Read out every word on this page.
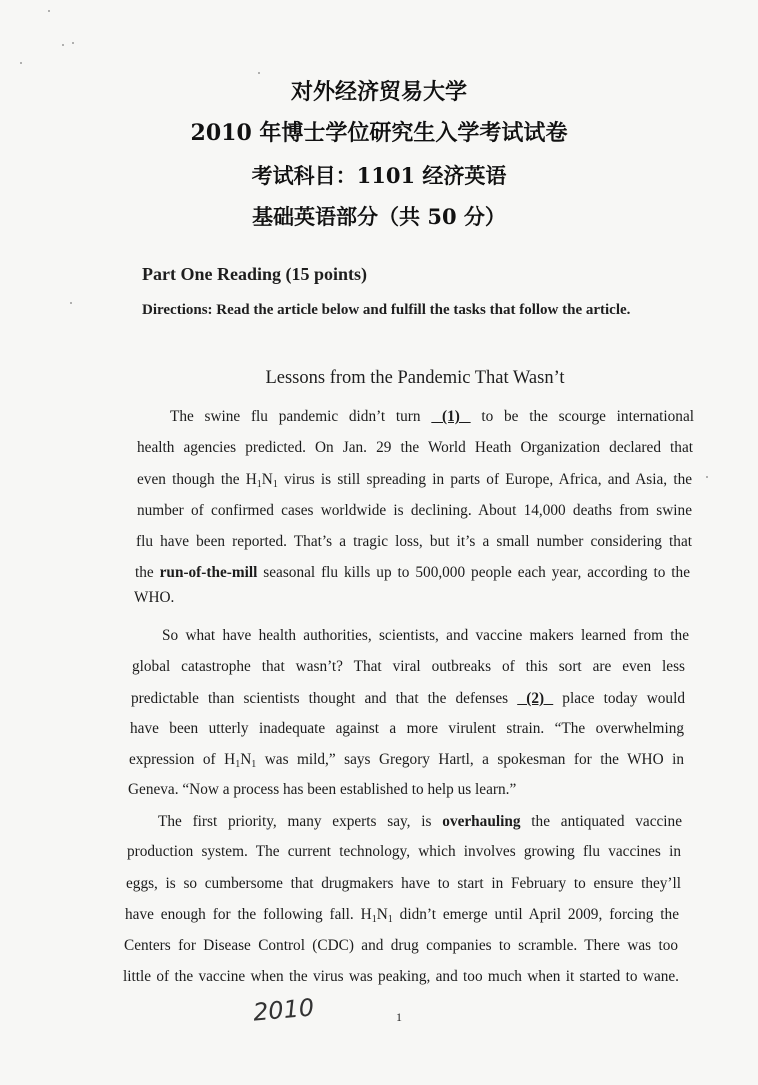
对外经济贸易大学
2010 年博士学位研究生入学考试试卷
考试科目：1101 经济英语
基础英语部分（共 50 分）
Part One Reading (15 points)
Directions: Read the article below and fulfill the tasks that follow the article.
Lessons from the Pandemic That Wasn’t
The swine flu pandemic didn’t turn  (1)  to be the scourge international
health agencies predicted. On Jan. 29 the World Heath Organization declared that
even though the $H_1N_1$ virus is still spreading in parts of Europe, Africa, and Asia, the
number of confirmed cases worldwide is declining. About 14,000 deaths from swine
flu have been reported. That’s a tragic loss, but it’s a small number considering that
the run-of-the-mill seasonal flu kills up to 500,000 people each year, according to the
WHO.
So what have health authorities, scientists, and vaccine makers learned from the
global catastrophe that wasn’t? That viral outbreaks of this sort are even less
predictable than scientists thought and that the defenses  (2)  place today would
have been utterly inadequate against a more virulent strain. “The overwhelming
expression of $H_1N_1$ was mild,” says Gregory Hartl, a spokesman for the WHO in
Geneva. “Now a process has been established to help us learn.”
The first priority, many experts say, is overhauling the antiquated vaccine
production system. The current technology, which involves growing flu vaccines in
eggs, is so cumbersome that drugmakers have to start in February to ensure they’ll
have enough for the following fall. $H_1N_1$ didn’t emerge until April 2009, forcing the
Centers for Disease Control (CDC) and drug companies to scramble. There was too
little of the vaccine when the virus was peaking, and too much when it started to wane.
2010	1
